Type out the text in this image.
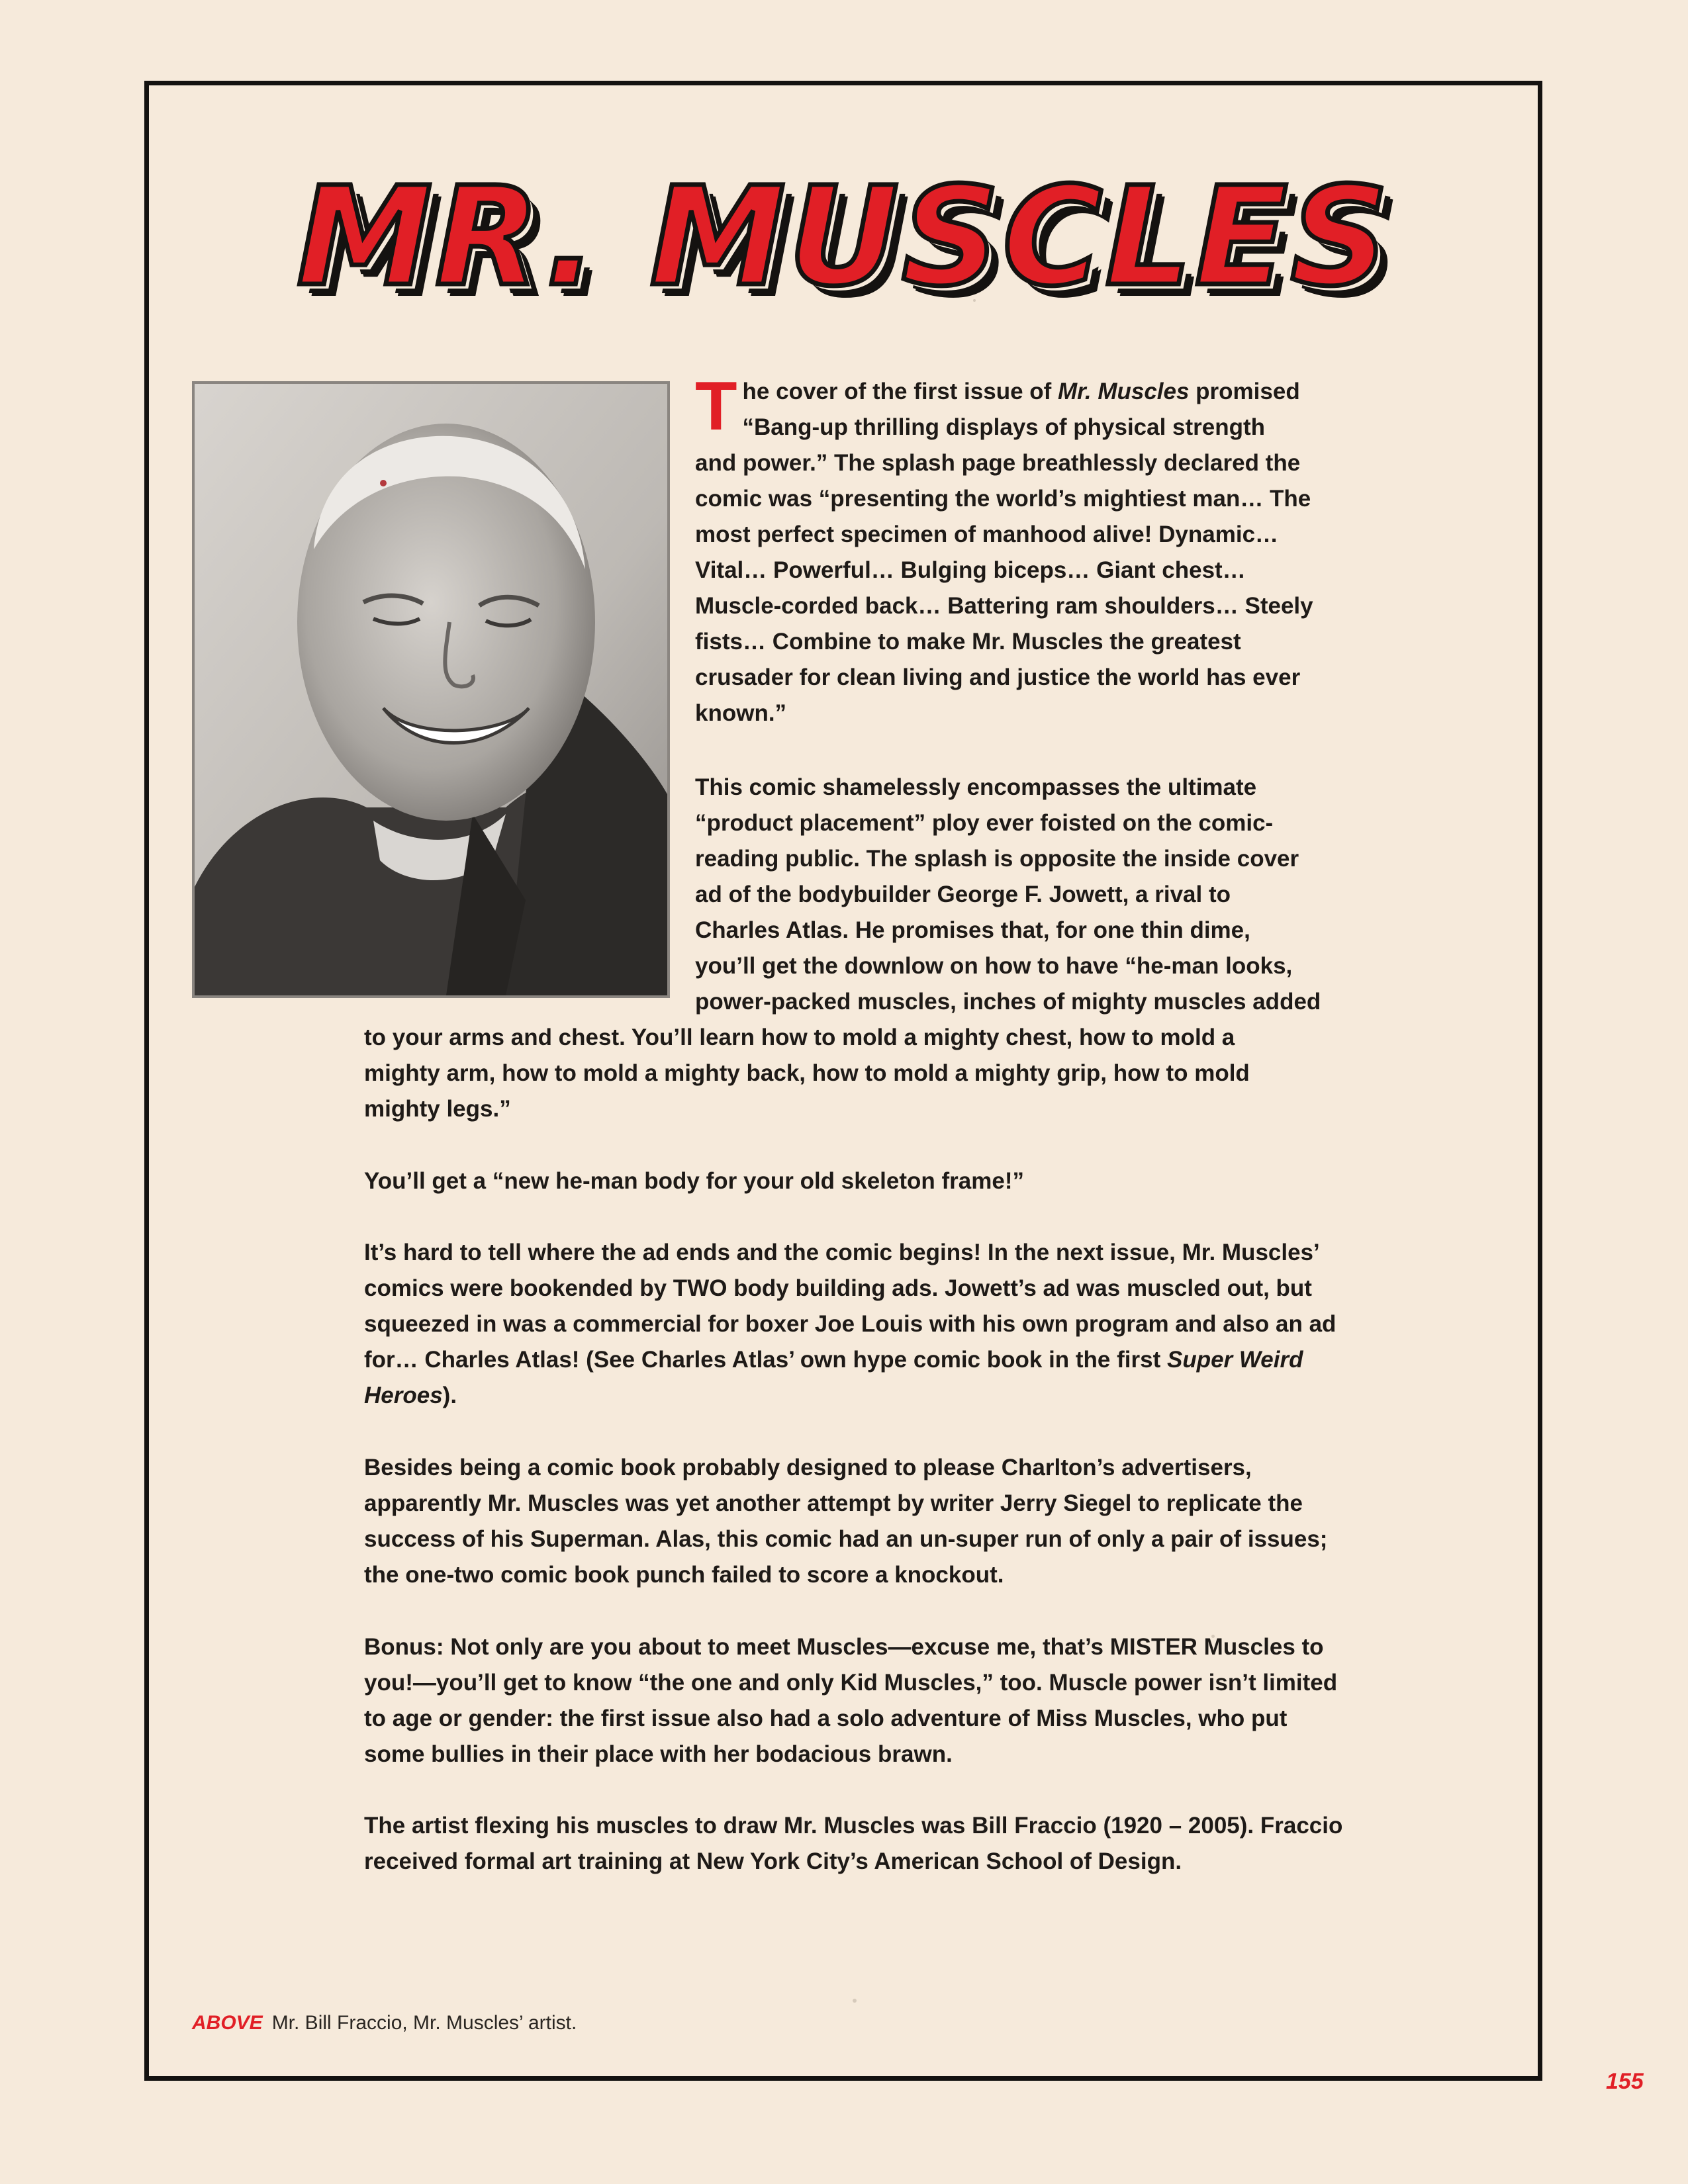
MR. MUSCLES
T he cover of the first issue of Mr. Muscles promised
“Bang-up thrilling displays of physical strength
and power.” The splash page breathlessly declared the
comic was “presenting the world’s mightiest man… The
most perfect specimen of manhood alive! Dynamic…
Vital… Powerful… Bulging biceps… Giant chest…
Muscle-corded back… Battering ram shoulders… Steely
fists… Combine to make Mr. Muscles the greatest
crusader for clean living and justice the world has ever
known.”
This comic shamelessly encompasses the ultimate
“product placement” ploy ever foisted on the comic-
reading public. The splash is opposite the inside cover
ad of the bodybuilder George F. Jowett, a rival to
Charles Atlas. He promises that, for one thin dime,
you’ll get the downlow on how to have “he-man looks,
power-packed muscles, inches of mighty muscles added
to your arms and chest. You’ll learn how to mold a mighty chest, how to mold a
mighty arm, how to mold a mighty back, how to mold a mighty grip, how to mold
mighty legs.”

You’ll get a “new he-man body for your old skeleton frame!”

It’s hard to tell where the ad ends and the comic begins! In the next issue, Mr. Muscles’ comics were bookended by TWO body building ads. Jowett’s ad was muscled out, but squeezed in was a commercial for boxer Joe Louis with his own program and also an ad for… Charles Atlas! (See Charles Atlas’ own hype comic book in the first Super Weird Heroes).

Besides being a comic book probably designed to please Charlton’s advertisers, apparently Mr. Muscles was yet another attempt by writer Jerry Siegel to replicate the success of his Superman. Alas, this comic had an un-super run of only a pair of issues; the one-two comic book punch failed to score a knockout.

Bonus: Not only are you about to meet Muscles—excuse me, that’s MISTER Muscles to you!—you’ll get to know “the one and only Kid Muscles,” too. Muscle power isn’t limited to age or gender: the first issue also had a solo adventure of Miss Muscles, who put some bullies in their place with her bodacious brawn.

The artist flexing his muscles to draw Mr. Muscles was Bill Fraccio (1920 – 2005). Fraccio received formal art training at New York City’s American School of Design.

ABOVE Mr. Bill Fraccio, Mr. Muscles’ artist.
155
